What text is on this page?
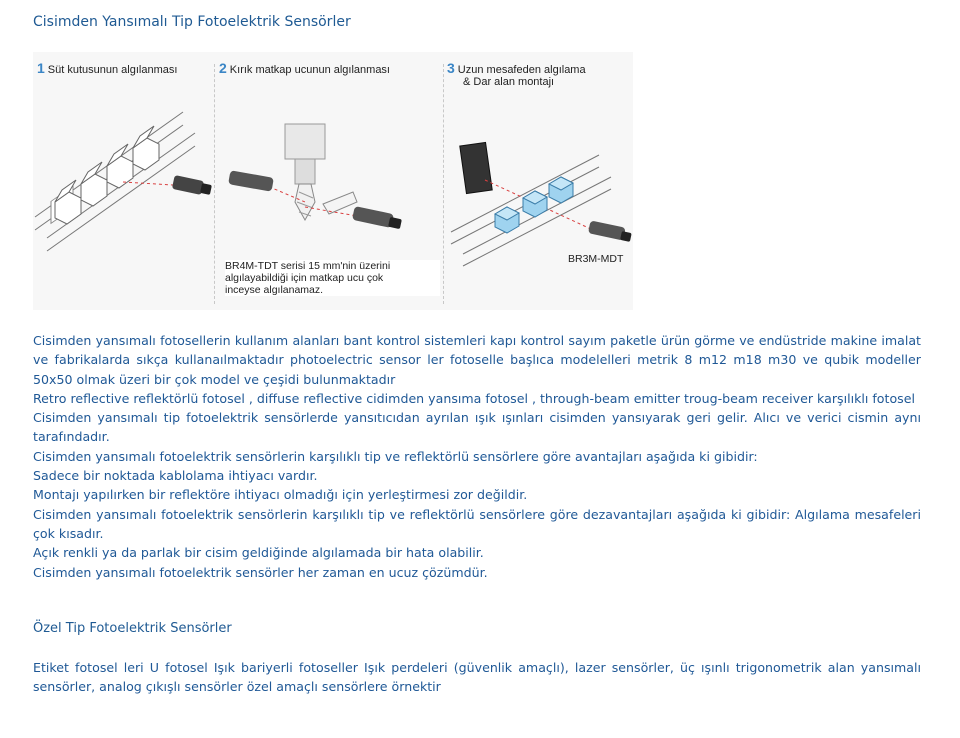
Cisimden Yansımalı Tip Fotoelektrik Sensörler
1 Süt kutusunun algılanması	2 Kırık matkap ucunun algılanması	3 Uzun mesafeden algılama
& Dar alan montajı
BR4M-TDT serisi 15 mm'nin üzerini
algılayabildiği için matkap ucu çok
inceyse algılanamaz.
BR3M-MDT

Cisimden yansımalı fotosellerin kullanım alanları bant kontrol sistemleri kapı kontrol sayım paketle ürün görme ve endüstride makine imalat ve fabrikalarda sıkça kullanaılmaktadır photoelectric sensor ler fotoselle başlıca modelelleri metrik 8 m12 m18 m30 ve qubik modeller 50x50 olmak üzeri bir çok model ve çeşidi bulunmaktadır

Retro reflective reflektörlü fotosel , diffuse reflective cidimden yansıma fotosel , through-beam emitter troug-beam receiver karşılıklı fotosel

Cisimden yansımalı tip fotoelektrik sensörlerde yansıtıcıdan ayrılan ışık ışınları cisimden yansıyarak geri gelir. Alıcı ve verici cismin aynı tarafındadır.

Cisimden yansımalı fotoelektrik sensörlerin karşılıklı tip ve reflektörlü sensörlere göre avantajları aşağıda ki gibidir:

Sadece bir noktada kablolama ihtiyacı vardır.

Montajı yapılırken bir reflektöre ihtiyacı olmadığı için yerleştirmesi zor değildir.

Cisimden yansımalı fotoelektrik sensörlerin karşılıklı tip ve reflektörlü sensörlere göre dezavantajları aşağıda ki gibidir: Algılama mesafeleri çok kısadır.

Açık renkli ya da parlak bir cisim geldiğinde algılamada bir hata olabilir.

Cisimden yansımalı fotoelektrik sensörler her zaman en ucuz çözümdür.

Özel Tip Fotoelektrik Sensörler

Etiket fotosel leri U fotosel Işık bariyerli fotoseller Işık perdeleri (güvenlik amaçlı), lazer sensörler, üç ışınlı trigonometrik alan yansımalı sensörler, analog çıkışlı sensörler özel amaçlı sensörlere örnektir
